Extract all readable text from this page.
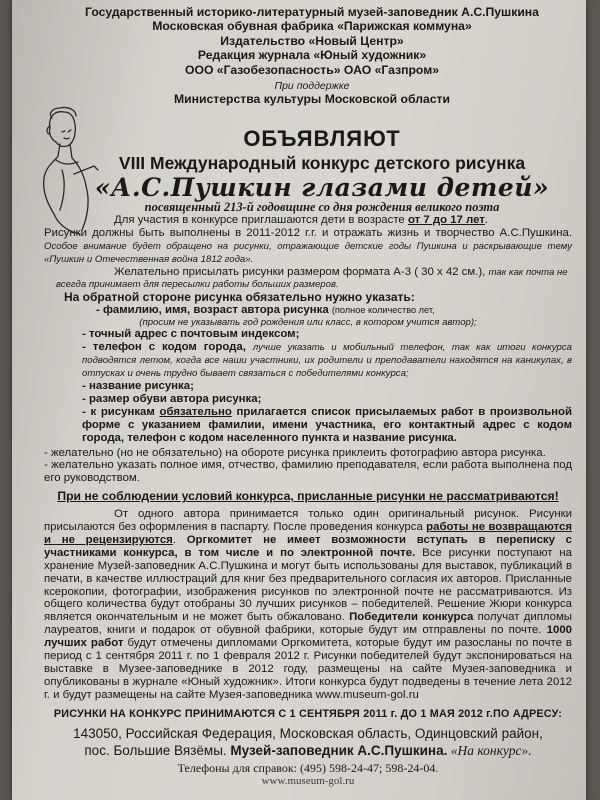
Государственный историко-литературный музей-заповедник А.С.Пушкина
Московская обувная фабрика «Парижская коммуна»
Издательство «Новый Центр»
Редакция журнала «Юный художник»
ООО «Газобезопасность» ОАО «Газпром»
При поддержке
Министерства культуры Московской области
ОБЪЯВЛЯЮТ
VIII Международный конкурс детского рисунка
«А.С.Пушкин глазами детей»
посвященный 213-й годовщине со дня рождения великого поэта
Для участия в конкурсе приглашаются дети в возрасте от 7 до 17 лет.
Рисунки должны быть выполнены в 2011-2012 г.г. и отражать жизнь и творчество А.С.Пушкина. Особое внимание будет обращено на рисунки, отражающие детские годы Пушкина и раскрывающие тему «Пушкин и Отечественная война 1812 года».
Желательно присылать рисунки размером формата А-3 ( 30 х 42 см.), так как почта не
всегда принимает для пересылки работы больших размеров.
На обратной стороне рисунка обязательно нужно указать:
- фамилию, имя, возраст автора рисунка (полное количество лет,
(просим не указывать год рождения или класс, в котором учится автор);
- точный адрес с почтовым индексом;
- телефон с кодом города, лучше указать и мобильный телефон, так как итоги конкурса подводятся летом, когда все наши участники, их родители и преподаватели находятся на каникулах, в отпусках и очень трудно бывает связаться с победителями конкурса;
- название рисунка;
- размер обуви автора рисунка;
- к рисункам обязательно прилагается список присылаемых работ в произвольной форме с указанием фамилии, имени участника, его контактный адрес с кодом города, телефон с кодом населенного пункта и название рисунка.
- желательно (но не обязательно) на обороте рисунка приклеить фотографию автора рисунка.
- желательно указать полное имя, отчество, фамилию преподавателя, если работа выполнена под его руководством.
При не соблюдении условий конкурса, присланные рисунки не рассматриваются!
От одного автора принимается только один оригинальный рисунок. Рисунки присылаются без оформления в паспарту. После проведения конкурса работы не возвращаются и не рецензируются. Оргкомитет не имеет возможности вступать в переписку с участниками конкурса, в том числе и по электронной почте. Все рисунки поступают на хранение Музей-заповедник А.С.Пушкина и могут быть использованы для выставок, публикаций в печати, в качестве иллюстраций для книг без предварительного согласия их авторов. Присланные ксерокопии, фотографии, изображения рисунков по электронной почте не рассматриваются. Из общего количества будут отобраны 30 лучших рисунков – победителей. Решение Жюри конкурса является окончательным и не может быть обжаловано. Победители конкурса получат дипломы лауреатов, книги и подарок от обувной фабрики, которые будут им отправлены по почте. 1000 лучших работ будут отмечены дипломами Оргкомитета, которые будут им разосланы по почте в период с 1 сентября 2011 г. по 1 февраля 2012 г. Рисунки победителей будут экспонироваться на выставке в Музее-заповеднике в 2012 году, размещены на сайте Музея-заповедника и опубликованы в журнале «Юный художник». Итоги конкурса будут подведены в течение лета 2012 г. и будут размещены на сайте Музея-заповедника www.museum-gol.ru
РИСУНКИ НА КОНКУРС ПРИНИМАЮТСЯ С 1 СЕНТЯБРЯ 2011 г. ДО 1 МАЯ 2012 г.ПО АДРЕСУ:
143050, Российская Федерация, Московская область, Одинцовский район,
пос. Большие Вязёмы. Музей-заповедник А.С.Пушкина. «На конкурс».
Телефоны для справок: (495) 598-24-47; 598-24-04.
www.museum-gol.ru
